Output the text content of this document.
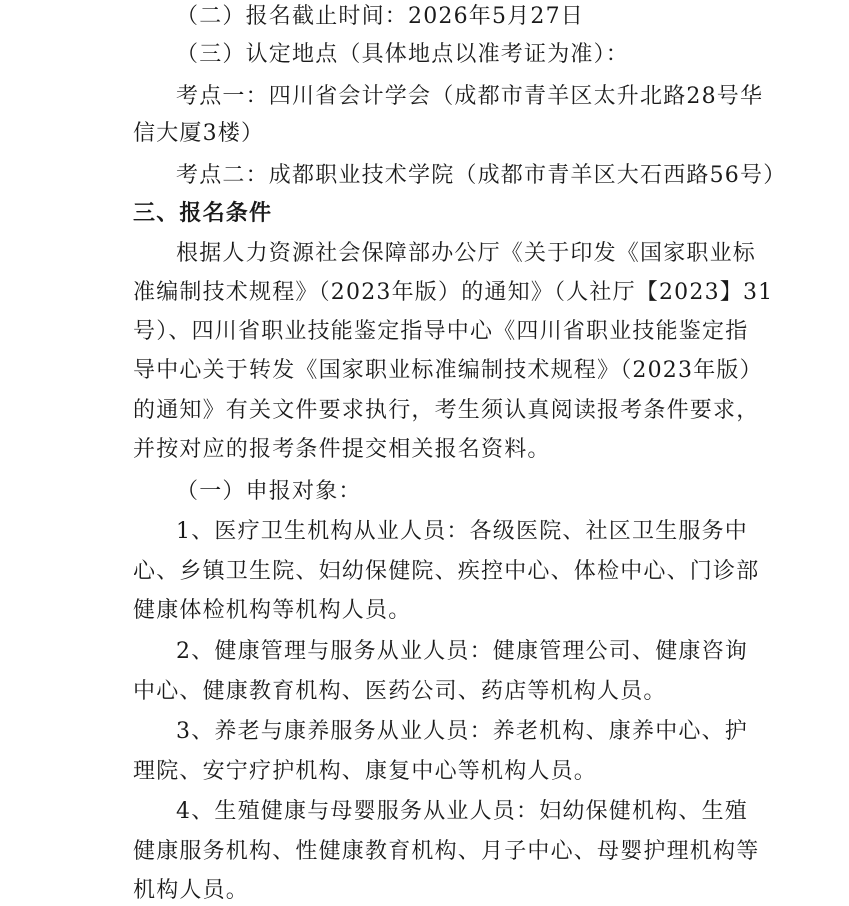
（二）报名截止时间：2026年5月27日
（三）认定地点（具体地点以准考证为准）：
考点一：四川省会计学会（成都市青羊区太升北路28号华
信大厦3楼）
考点二：成都职业技术学院（成都市青羊区大石西路56号）
三、报名条件
根据人力资源社会保障部办公厅《关于印发《国家职业标
准编制技术规程》（2023年版）的通知》（人社厅【2023】31
号）、四川省职业技能鉴定指导中心《四川省职业技能鉴定指
导中心关于转发《国家职业标准编制技术规程》（2023年版）
的通知》有关文件要求执行，考生须认真阅读报考条件要求，
并按对应的报考条件提交相关报名资料。
（一）申报对象：
1、医疗卫生机构从业人员：各级医院、社区卫生服务中
心、乡镇卫生院、妇幼保健院、疾控中心、体检中心、门诊部
健康体检机构等机构人员。
2、健康管理与服务从业人员：健康管理公司、健康咨询
中心、健康教育机构、医药公司、药店等机构人员。
3、养老与康养服务从业人员：养老机构、康养中心、护
理院、安宁疗护机构、康复中心等机构人员。
4、生殖健康与母婴服务从业人员：妇幼保健机构、生殖
健康服务机构、性健康教育机构、月子中心、母婴护理机构等
机构人员。
